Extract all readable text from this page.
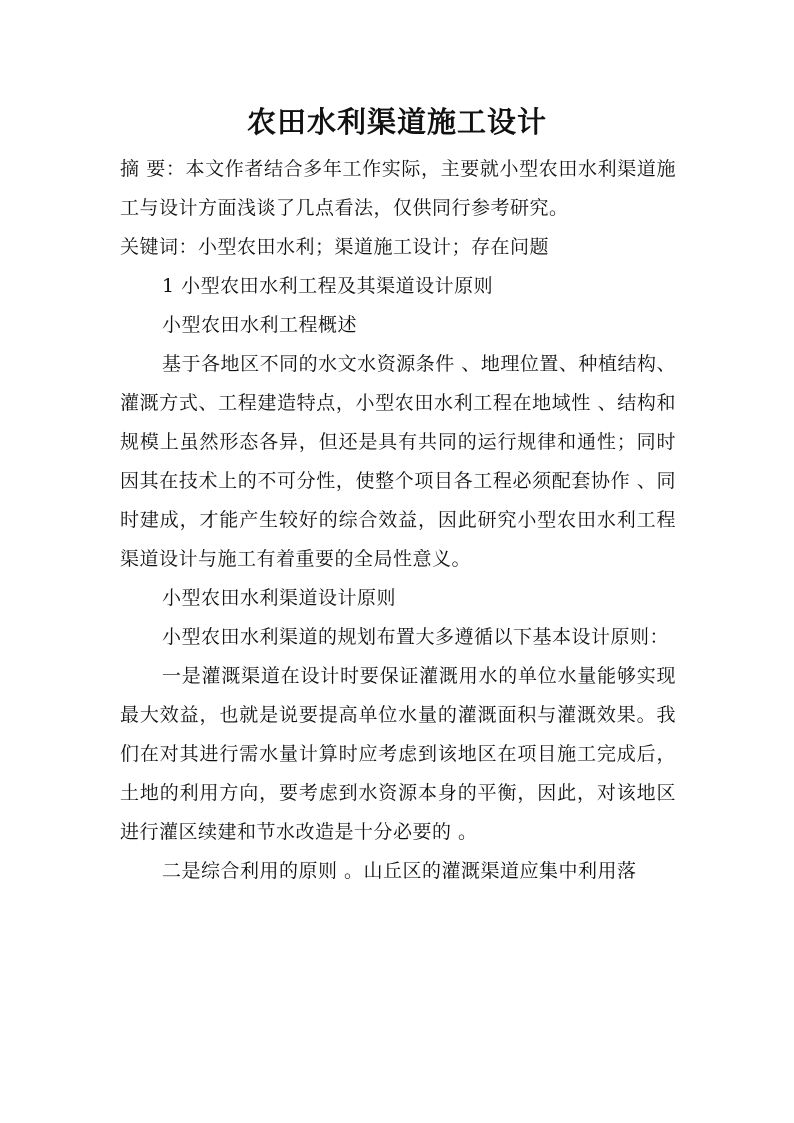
农田水利渠道施工设计

摘 要：本文作者结合多年工作实际，主要就小型农田水利渠道施工与设计方面浅谈了几点看法，仅供同行参考研究。

关键词：小型农田水利；渠道施工设计；存在问题

1 小型农田水利工程及其渠道设计原则

小型农田水利工程概述

基于各地区不同的水文水资源条件 、地理位置、种植结构、灌溉方式、工程建造特点，小型农田水利工程在地域性 、结构和规模上虽然形态各异，但还是具有共同的运行规律和通性；同时因其在技术上的不可分性，使整个项目各工程必须配套协作 、同时建成，才能产生较好的综合效益，因此研究小型农田水利工程渠道设计与施工有着重要的全局性意义。

小型农田水利渠道设计原则

小型农田水利渠道的规划布置大多遵循以下基本设计原则：

一是灌溉渠道在设计时要保证灌溉用水的单位水量能够实现最大效益，也就是说要提高单位水量的灌溉面积与灌溉效果。我们在对其进行需水量计算时应考虑到该地区在项目施工完成后，土地的利用方向，要考虑到水资源本身的平衡，因此，对该地区进行灌区续建和节水改造是十分必要的 。

二是综合利用的原则 。山丘区的灌溉渠道应集中利用落
